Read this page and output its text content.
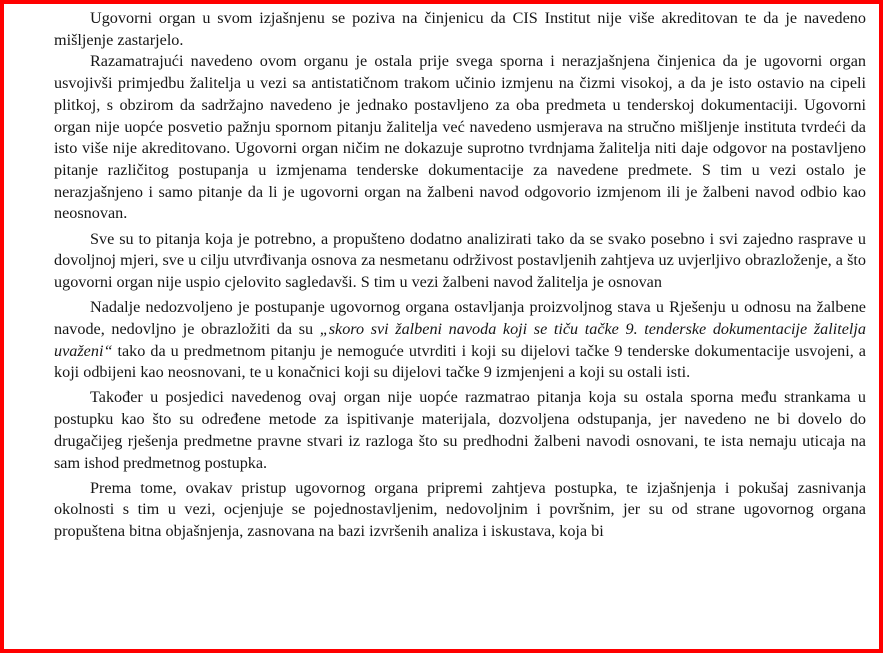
Ugovorni organ u svom izjašnjenu se poziva na činjenicu da CIS Institut nije više akreditovan te da je navedeno mišljenje zastarjelo.

Razamatrajući navedeno ovom organu je ostala prije svega sporna i nerazjašnjena činjenica da je ugovorni organ usvojivši primjedbu žalitelja u vezi sa antistatičnom trakom učinio izmjenu na čizmi visokoj, a da je isto ostavio na cipeli plitkoj, s obzirom da sadržajno navedeno je jednako postavljeno za oba predmeta u tenderskoj dokumentaciji. Ugovorni organ nije uopće posvetio pažnju spornom pitanju žalitelja već navedeno usmjerava na stručno mišljenje instituta tvrdeći da isto više nije akreditovano. Ugovorni organ ničim ne dokazuje suprotno tvrdnjama žalitelja niti daje odgovor na postavljeno pitanje različitog postupanja u izmjenama tenderske dokumentacije za navedene predmete. S tim u vezi ostalo je nerazjašnjeno i samo pitanje da li je ugovorni organ na žalbeni navod odgovorio izmjenom ili je žalbeni navod odbio kao neosnovan.

Sve su to pitanja koja je potrebno, a propušteno dodatno analizirati tako da se svako posebno i svi zajedno rasprave u dovoljnoj mjeri, sve u cilju utvrđivanja osnova za nesmetanu održivost postavljenih zahtjeva uz uvjerljivo obrazloženje, a što ugovorni organ nije uspio cjelovito sagledavši. S tim u vezi žalbeni navod žalitelja je osnovan

Nadalje nedozvoljeno je postupanje ugovornog organa ostavljanja proizvoljnog stava u Rješenju u odnosu na žalbene navode, nedovljno je obrazložiti da su „skoro svi žalbeni navoda koji se tiču tačke 9. tenderske dokumentacije žalitelja uvaženi“ tako da u predmetnom pitanju je nemoguće utvrditi i koji su dijelovi tačke 9 tenderske dokumentacije usvojeni, a koji odbijeni kao neosnovani, te u konačnici koji su dijelovi tačke 9 izmjenjeni a koji su ostali isti.

Također u posjedici navedenog ovaj organ nije uopće razmatrao pitanja koja su ostala sporna među strankama u postupku kao što su određene metode za ispitivanje materijala, dozvoljena odstupanja, jer navedeno ne bi dovelo do drugačijeg rješenja predmetne pravne stvari iz razloga što su predhodni žalbeni navodi osnovani, te ista nemaju uticaja na sam ishod predmetnog postupka.

Prema tome, ovakav pristup ugovornog organa pripremi zahtjeva postupka, te izjašnjenja i pokušaj zasnivanja okolnosti s tim u vezi, ocjenjuje se pojednostavljenim, nedovoljnim i površnim, jer su od strane ugovornog organa propuštena bitna objašnjenja, zasnovana na bazi izvršenih analiza i iskustava, koja bi
